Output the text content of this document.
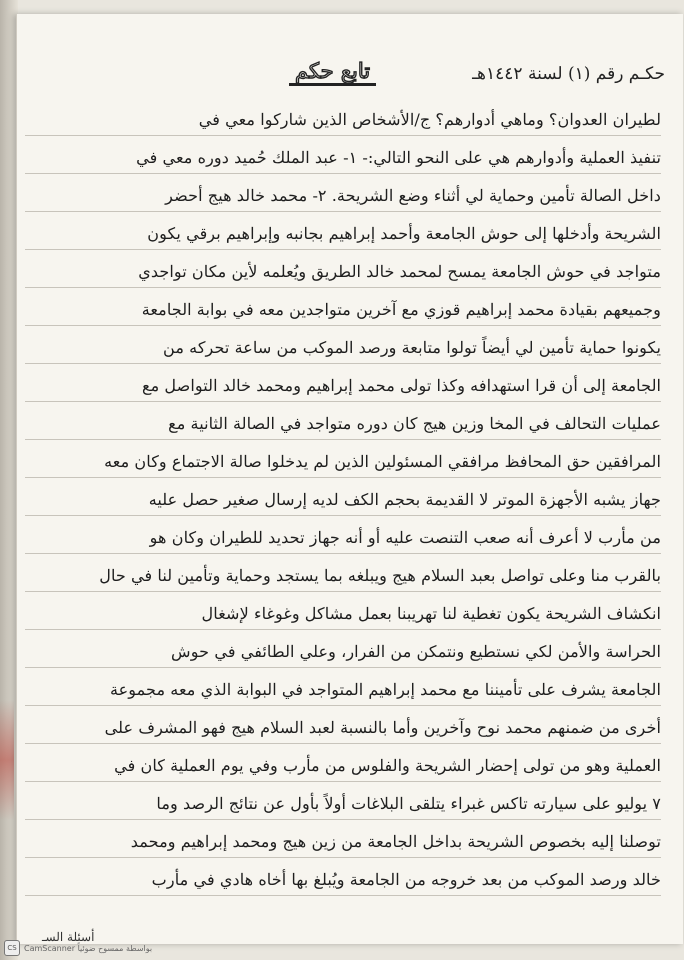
حكـم رقم (١) لسنة ١٤٤٢هـ
تابع حكم
لطيران العدوان؟ وماهي أدوارهم؟ ج/الأشخاص الذين شاركوا معي في
تنفيذ العملية وأدوارهم هي على النحو التالي:- ١- عبد الملك حُميد دوره معي في
داخل الصالة تأمين وحماية لي أثناء وضع الشريحة. ٢- محمد خالد هيج أحضر
الشريحة وأدخلها إلى حوش الجامعة وأحمد إبراهيم بجانبه وإبراهيم برقي يكون
متواجد في حوش الجامعة يمسح لمحمد خالد الطريق ويُعلمه لأين مكان تواجدي
وجميعهم بقيادة محمد إبراهيم قوزي مع آخرين متواجدين معه في بوابة الجامعة
يكونوا حماية تأمين لي أيضاً تولوا متابعة ورصد الموكب من ساعة تحركه من
الجامعة إلى أن قرا استهدافه وكذا تولى محمد إبراهيم ومحمد خالد التواصل مع
عمليات التحالف في المخا وزين هيج كان دوره متواجد في الصالة الثانية مع
المرافقين حق المحافظ مرافقي المسئولين الذين لم يدخلوا صالة الاجتماع وكان معه
جهاز يشبه الأجهزة الموتر لا القديمة بحجم الكف لديه إرسال صغير حصل عليه
من مأرب لا أعرف أنه صعب التنصت عليه أو أنه جهاز تحديد للطيران وكان هو
بالقرب منا وعلى تواصل بعبد السلام هيج ويبلغه بما يستجد وحماية وتأمين لنا في حال
انكشاف الشريحة يكون تغطية لنا تهريبنا بعمل مشاكل وغوغاء لإشغال
الحراسة والأمن لكي نستطيع ونتمكن من الفرار، وعلي الطائفي في حوش
الجامعة يشرف على تأميننا مع محمد إبراهيم المتواجد في البوابة الذي معه مجموعة
أخرى من ضمنهم محمد نوح وآخرين وأما بالنسبة لعبد السلام هيج فهو المشرف على
العملية وهو من تولى إحضار الشريحة والفلوس من مأرب وفي يوم العملية كان في
٧ يوليو على سيارته تاكس غبراء يتلقى البلاغات أولاً بأول عن نتائج الرصد وما
توصلنا إليه بخصوص الشريحة بداخل الجامعة من زين هيج ومحمد إبراهيم ومحمد
خالد ورصد الموكب من بعد خروجه من الجامعة ويُبلغ بها أخاه هادي في مأرب
أسئلة السـ
CS CamScanner بواسطة ممسوح ضوئياً
